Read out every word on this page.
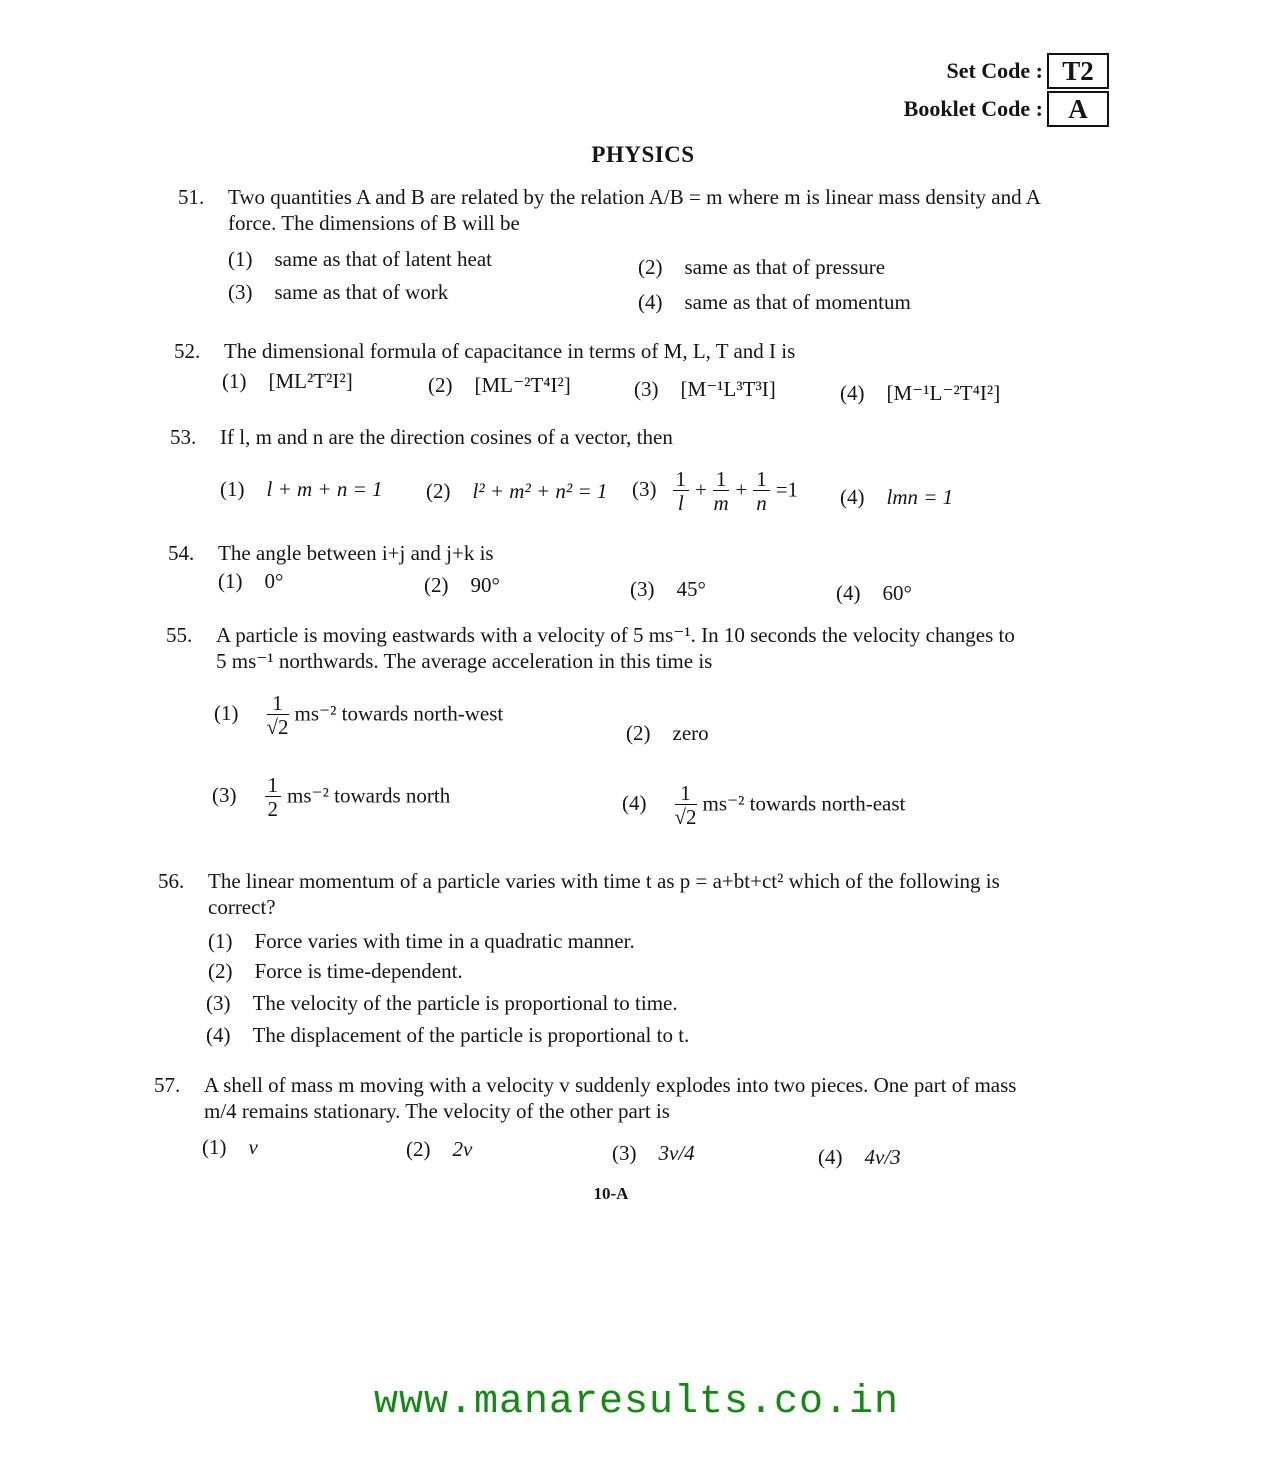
Set Code : T2
Booklet Code : A
PHYSICS
51. Two quantities A and B are related by the relation A/B = m where m is linear mass density and A
force. The dimensions of B will be
(1) same as that of latent heat	(2) same as that of pressure
(3) same as that of work	(4) same as that of momentum
52. The dimensional formula of capacitance in terms of M, L, T and I is
(1) [ML²T²I²]	(2) [ML⁻²T⁴I²]	(3) [M⁻¹L³T³I]	(4) [M⁻¹L⁻²T⁴I²]
53. If l, m and n are the direction cosines of a vector, then
(1) l + m + n = 1 (2) l² + m² + n² = 1 $(3) \frac{1}{l} + \frac{1}{m} + \frac{1}{n} =1$ (4) lmn = 1
54. The angle between i+j and j+k is
(1) 0°	(2) 90°	(3) 45°	(4) 60°
55. A particle is moving eastwards with a velocity of 5 ms⁻¹. In 10 seconds the velocity changes to
5 ms⁻¹ northwards. The average acceleration in this time is
$(1) \frac{1}{√2} ms^{-2}$ towards north-west
(2) zero
$(3) \frac{1}{2} ms^{-2}$ towards north	$(4) \frac{1}{√2} ms^{-2}$ towards north-east
56. The linear momentum of a particle varies with time t as p = a+bt+ct² which of the following is
correct?
(1) Force varies with time in a quadratic manner.
(2) Force is time-dependent.
(3) The velocity of the particle is proportional to time.
(4) The displacement of the particle is proportional to t.
57. A shell of mass m moving with a velocity v suddenly explodes into two pieces. One part of mass
m/4 remains stationary. The velocity of the other part is
(1) v	(2) 2v	(3) 3v/4	(4) 4v/3
10-A
www.manaresults.co.in
